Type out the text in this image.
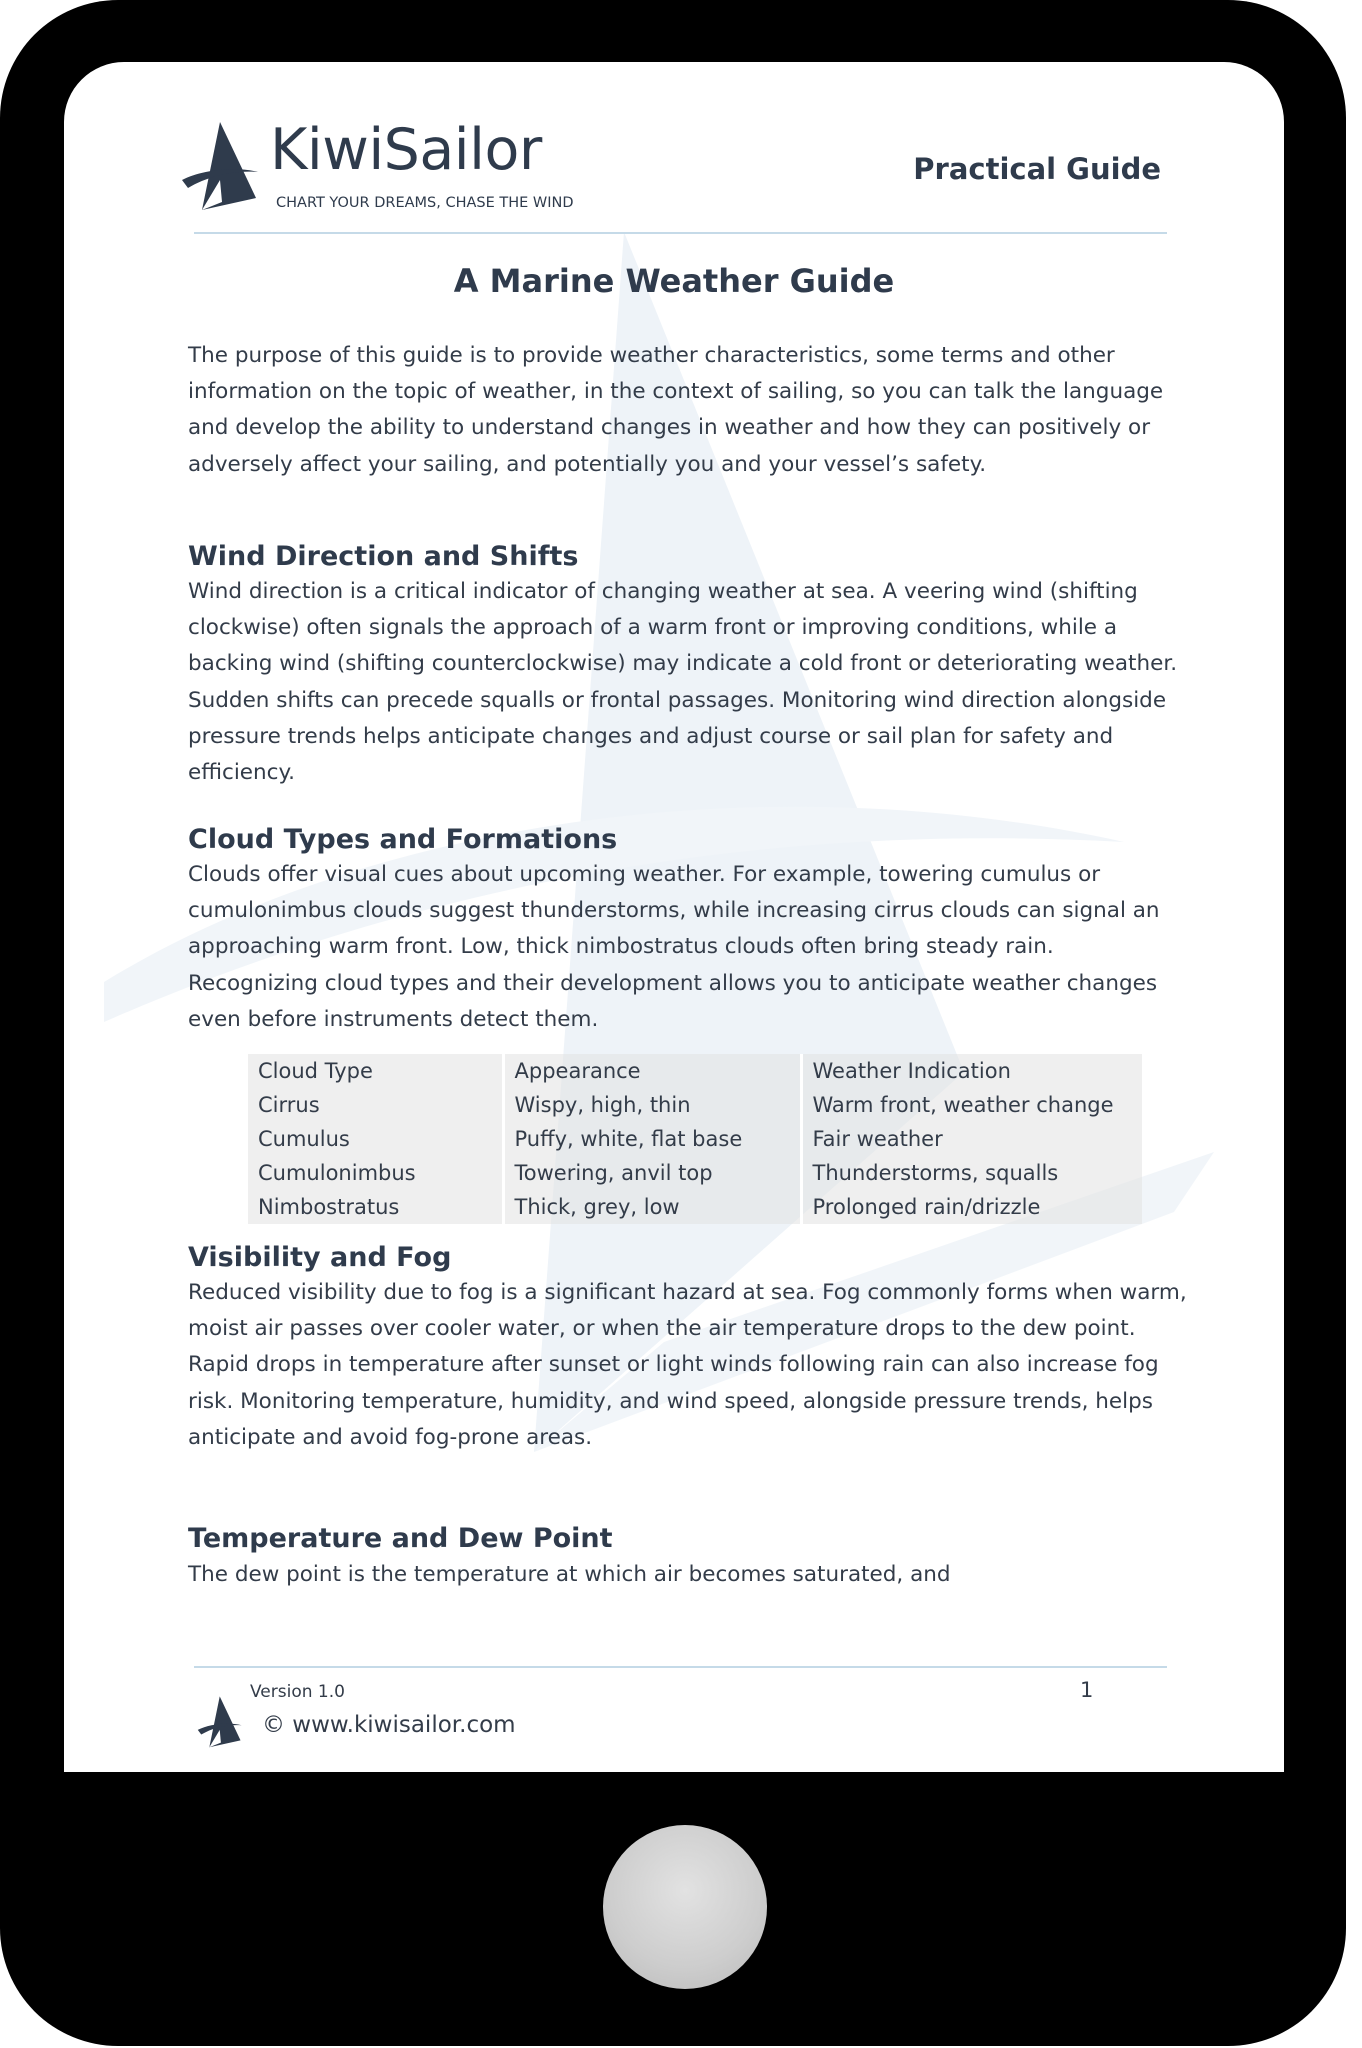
KiwiSailor

CHART YOUR DREAMS, CHASE THE WIND

Practical Guide

A Marine Weather Guide

The purpose of this guide is to provide weather characteristics, some terms and other information on the topic of weather, in the context of sailing, so you can talk the language and develop the ability to understand changes in weather and how they can positively or adversely affect your sailing, and potentially you and your vessel’s safety.

Wind Direction and Shifts

Wind direction is a critical indicator of changing weather at sea. A veering wind (shifting clockwise) often signals the approach of a warm front or improving conditions, while a backing wind (shifting counterclockwise) may indicate a cold front or deteriorating weather. Sudden shifts can precede squalls or frontal passages. Monitoring wind direction alongside pressure trends helps anticipate changes and adjust course or sail plan for safety and efficiency.

Cloud Types and Formations

Clouds offer visual cues about upcoming weather. For example, towering cumulus or cumulonimbus clouds suggest thunderstorms, while increasing cirrus clouds can signal an approaching warm front. Low, thick nimbostratus clouds often bring steady rain. Recognizing cloud types and their development allows you to anticipate weather changes even before instruments detect them.

Cloud Type	Appearance	Weather Indication
Cirrus	Wispy, high, thin	Warm front, weather change
Cumulus	Puffy, white, flat base	Fair weather
Cumulonimbus	Towering, anvil top	Thunderstorms, squalls
Nimbostratus	Thick, grey, low	Prolonged rain/drizzle
Visibility and Fog

Reduced visibility due to fog is a significant hazard at sea. Fog commonly forms when warm, moist air passes over cooler water, or when the air temperature drops to the dew point. Rapid drops in temperature after sunset or light winds following rain can also increase fog risk. Monitoring temperature, humidity, and wind speed, alongside pressure trends, helps anticipate and avoid fog-prone areas.

Temperature and Dew Point

The dew point is the temperature at which air becomes saturated, and

Version 1.0

© www.kiwisailor.com

1
